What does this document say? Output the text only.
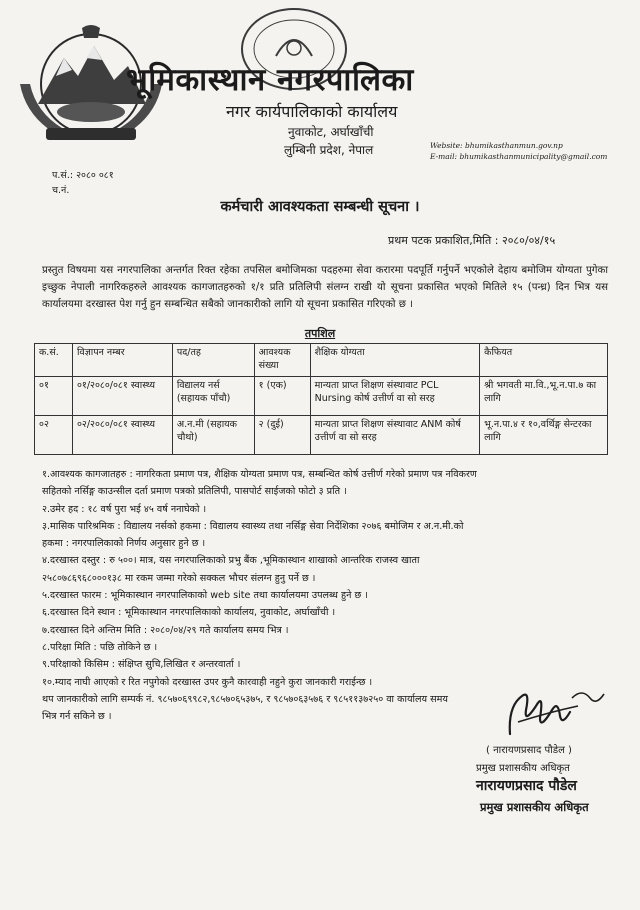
भूमिकास्थान नगरपालिका
नगर कार्यपालिकाको कार्यालय
नुवाकोट, अर्घाखाँची
लुम्बिनी प्रदेश, नेपाल	Website: bhumikasthanmun.gov.np
E-mail: bhumikasthanmunicipality@gmail.com
प.सं.: २०८० ०८१
च.नं.
कर्मचारी आवश्यकता सम्बन्धी सूचना ।
प्रथम पटक प्रकाशित,मिति : २०८०/०४/१५
प्रस्तुत विषयमा यस नगरपालिका अन्तर्गत रिक्त रहेका तपसिल बमोजिमका पदहरुमा सेवा करारमा पदपूर्ति गर्नुपर्ने भएकोले देहाय बमोजिम योग्यता पुगेका इच्छुक नेपाली नागरिकहरुले आवश्यक कागजातहरुको १/१ प्रति प्रतिलिपी संलग्न राखी यो सूचना प्रकासित भएको मितिले १५ (पन्ध्र) दिन भित्र यस कार्यालयमा दरखास्त पेश गर्नु हुन सम्बन्धित सबैको जानकारीको लागि यो सूचना प्रकासित गरिएको छ ।
तपशिल
क.सं.	विज्ञापन नम्बर	पद/तह	आवश्यक संख्या	शैक्षिक योग्यता	कैफियत
०१	०१/२०८०/०८१ स्वास्थ्य	विद्यालय नर्स (सहायक पाँचौ)	१ (एक)	मान्यता प्राप्त शिक्षण संस्थावाट PCL Nursing कोर्ष उत्तीर्ण वा सो सरह	श्री भगवती मा.वि.,भू.न.पा.७ का लागि
०२	०२/२०८०/०८१ स्वास्थ्य	अ.न.मी (सहायक चौथो)	२ (दुई)	मान्यता प्राप्त शिक्षण संस्थावाट ANM कोर्ष उत्तीर्ण वा सो सरह	भू.न.पा.४ र १०,वर्थिङ्ग सेन्टरका लागि

१.आवश्यक कागजातहरु : नागरिकता प्रमाण पत्र, शैक्षिक योग्यता प्रमाण पत्र, सम्बन्धित कोर्ष उत्तीर्ण गरेको प्रमाण पत्र नविकरण

सहितको नर्सिङ्ग काउन्सील दर्ता प्रमाण पत्रको प्रतिलिपी, पासपोर्ट साईजको फोटो ३ प्रति ।

२.उमेर हद : १८ वर्ष पुरा भई ४५ वर्ष ननाघेको ।

३.मासिक पारिश्रमिक : विद्यालय नर्सको हकमा : विद्यालय स्वास्थ्य तथा नर्सिङ्ग सेवा निर्देशिका २०७६ बमोजिम र अ.न.मी.को

हकमा : नगरपालिकाको निर्णय अनुसार हुने छ ।

४.दरखास्त दस्तुर : रु ५००। मात्र, यस नगरपालिकाको प्रभु बैंक ,भूमिकास्थान शाखाको आन्तरिक राजस्व खाता

२५८०७८६९६८०००१३८ मा रकम जम्मा गरेको सक्कल भौचर संलग्न हुनु पर्ने छ ।

५.दरखास्त फारम : भूमिकास्थान नगरपालिकाको web site तथा कार्यालयमा उपलब्ध हुने छ ।

६.दरखास्त दिने स्थान : भूमिकास्थान नगरपालिकाको कार्यालय, नुवाकोट, अर्घाखाँची ।

७.दरखास्त दिने अन्तिम मिति : २०८०/०४/२९ गते कार्यालय समय भित्र ।

८.परिक्षा मिति : पछि तोकिने छ ।

९.परिक्षाको किसिम : संक्षिप्त सुचि,लिखित र अन्तरवार्ता ।

१०.म्याद नाघी आएको र रित नपुगेको दरखास्त उपर कुनै कारवाही नहुने कुरा जानकारी गराईन्छ ।

थप जानकारीको लागि सम्पर्क नं. ९८५७०६९९८२,९८५७०६५३७५, र ९८५७०६३५७६ र ९८५११३७२५० वा कार्यालय समय

भित्र गर्न सकिने छ ।

( नारायणप्रसाद पौडेल )
प्रमुख प्रशासकीय अधिकृत
नारायणप्रसाद पौडेल
प्रमुख प्रशासकीय अधिकृत
